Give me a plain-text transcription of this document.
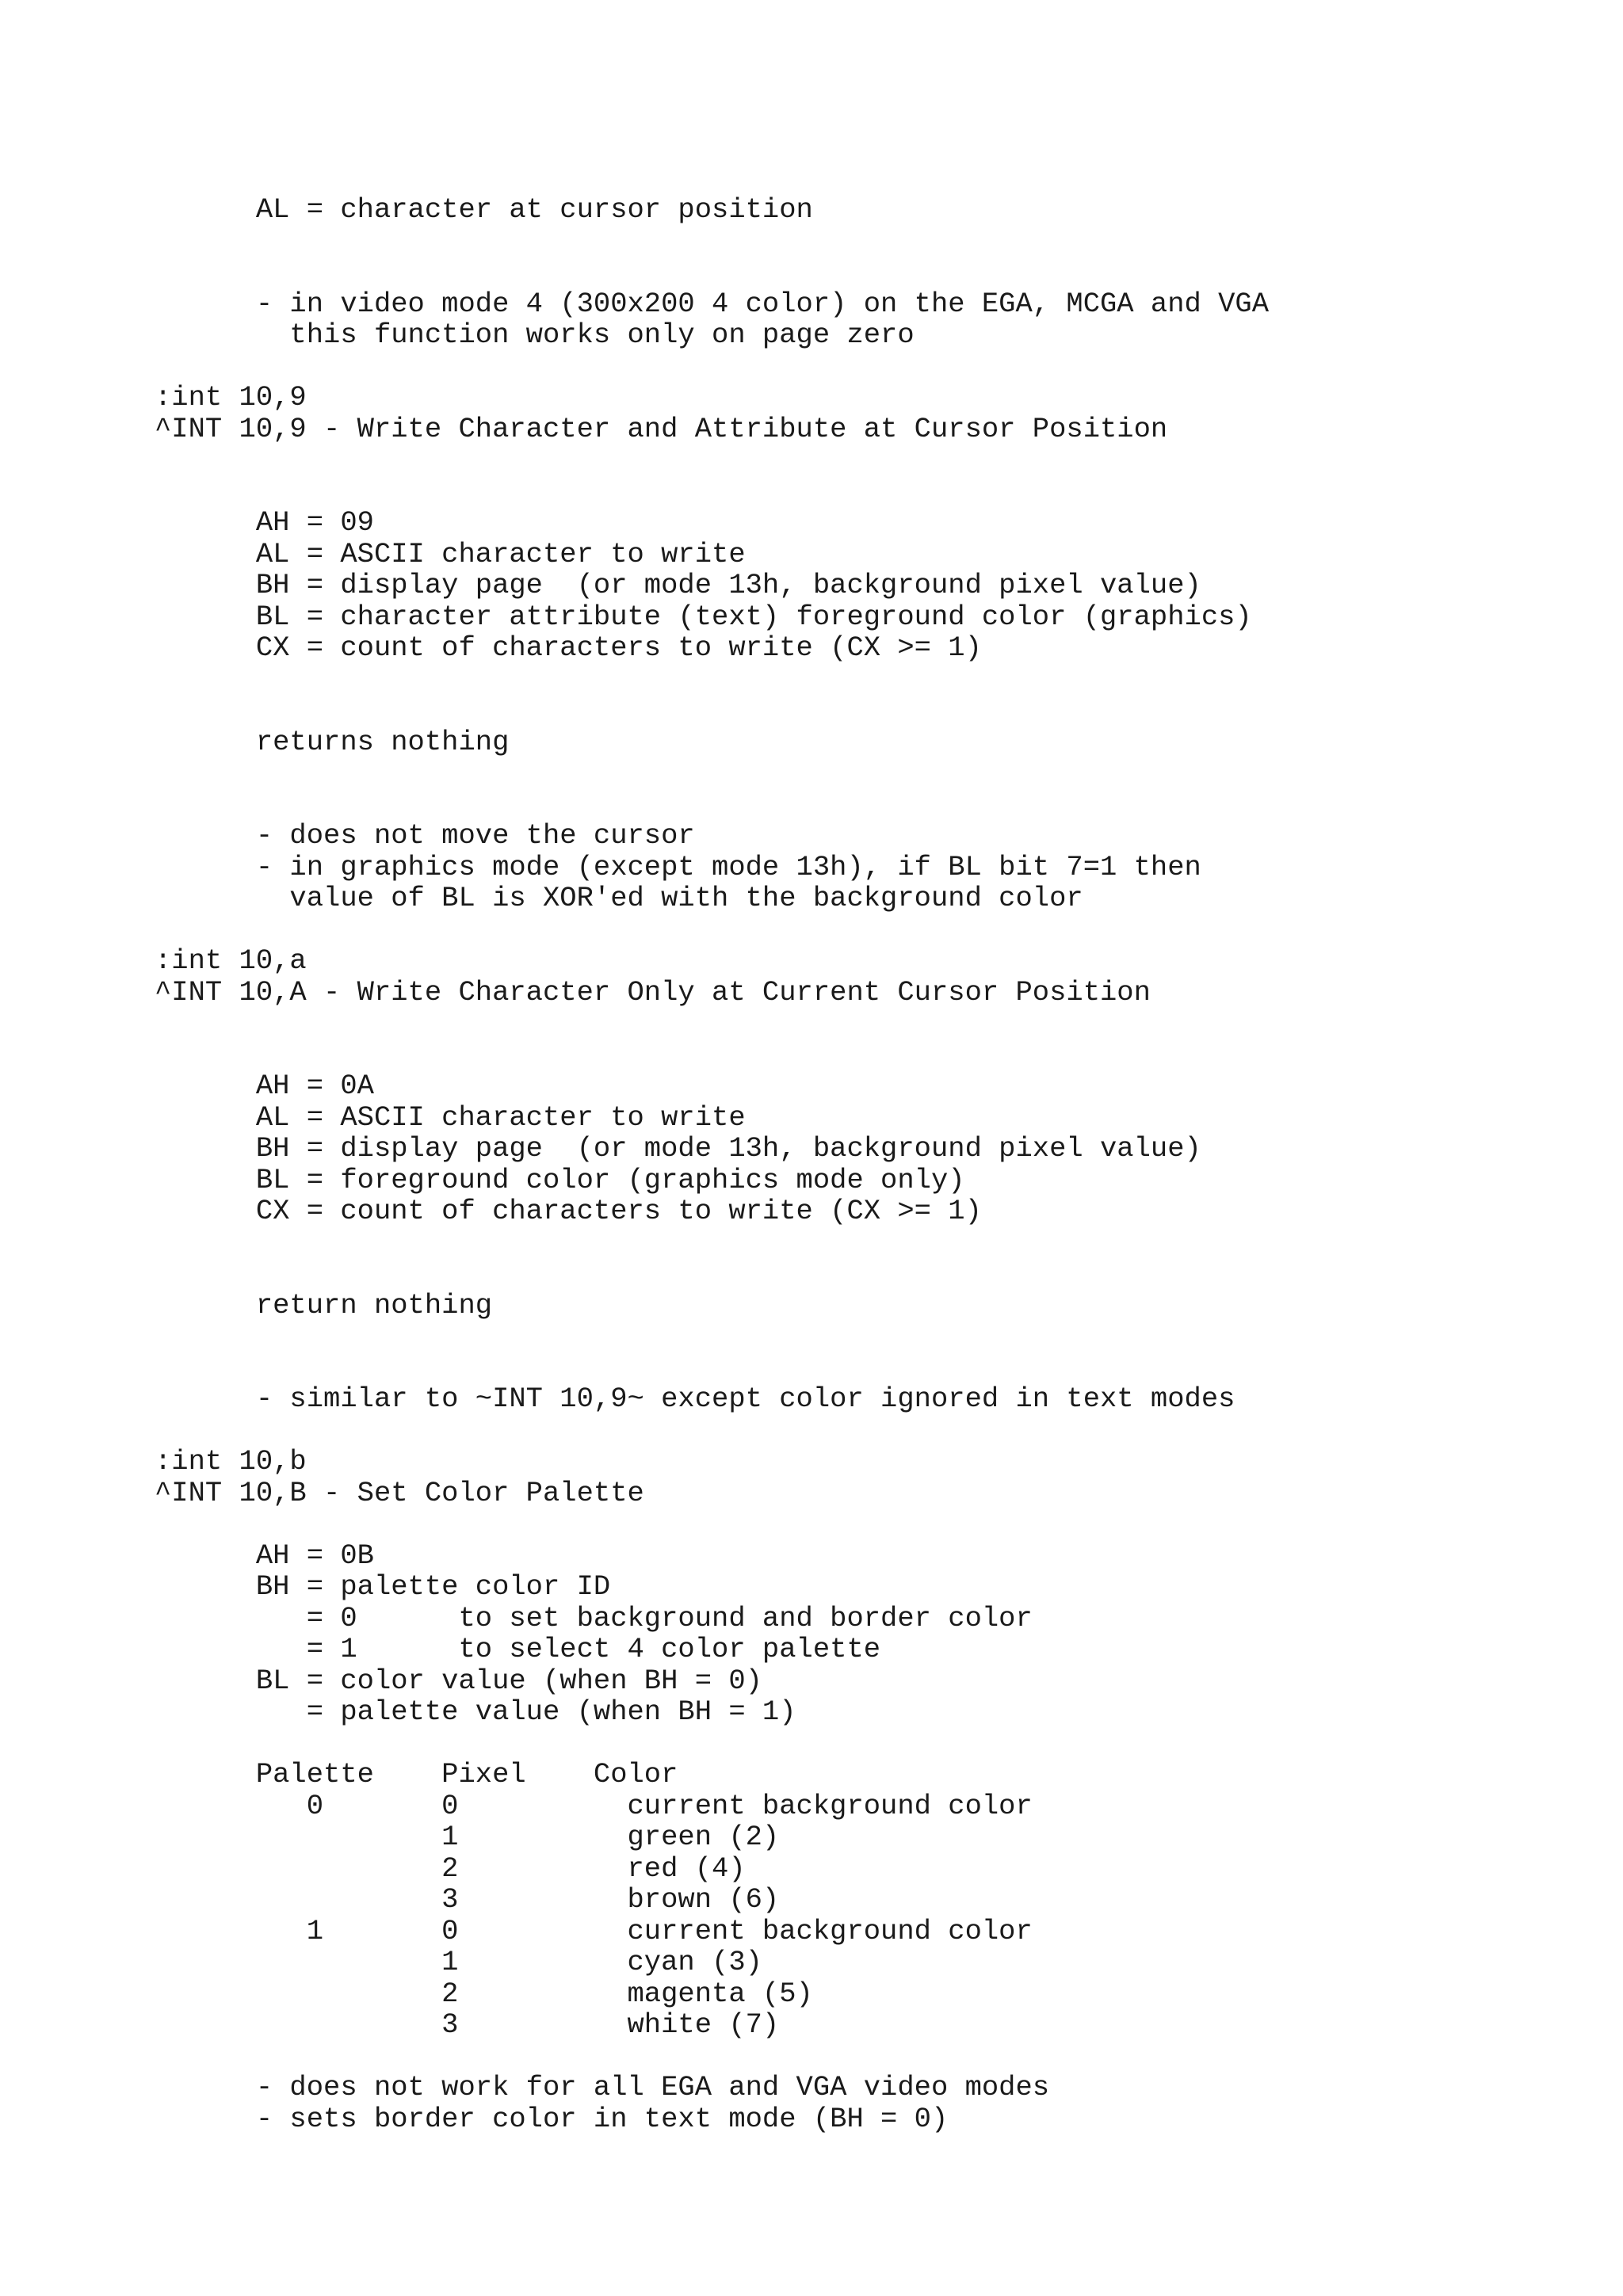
AL = character at cursor position
- in video mode 4 (300x200 4 color) on the EGA, MCGA and VGA
this function works only on page zero
:int 10,9
^INT 10,9 - Write Character and Attribute at Cursor Position
AH = 09
AL = ASCII character to write
BH = display page  (or mode 13h, background pixel value)
BL = character attribute (text) foreground color (graphics)
CX = count of characters to write (CX >= 1)
returns nothing
- does not move the cursor
- in graphics mode (except mode 13h), if BL bit 7=1 then
value of BL is XOR'ed with the background color
:int 10,a
^INT 10,A - Write Character Only at Current Cursor Position
AH = 0A
AL = ASCII character to write
BH = display page  (or mode 13h, background pixel value)
BL = foreground color (graphics mode only)
CX = count of characters to write (CX >= 1)
return nothing
- similar to ~INT 10,9~ except color ignored in text modes
:int 10,b
^INT 10,B - Set Color Palette
AH = 0B
BH = palette color ID
= 0      to set background and border color
= 1      to select 4 color palette
BL = color value (when BH = 0)
= palette value (when BH = 1)
Palette    Pixel    Color
0       0          current background color
1          green (2)
2          red (4)
3          brown (6)
1       0          current background color
1          cyan (3)
2          magenta (5)
3          white (7)
- does not work for all EGA and VGA video modes
- sets border color in text mode (BH = 0)
